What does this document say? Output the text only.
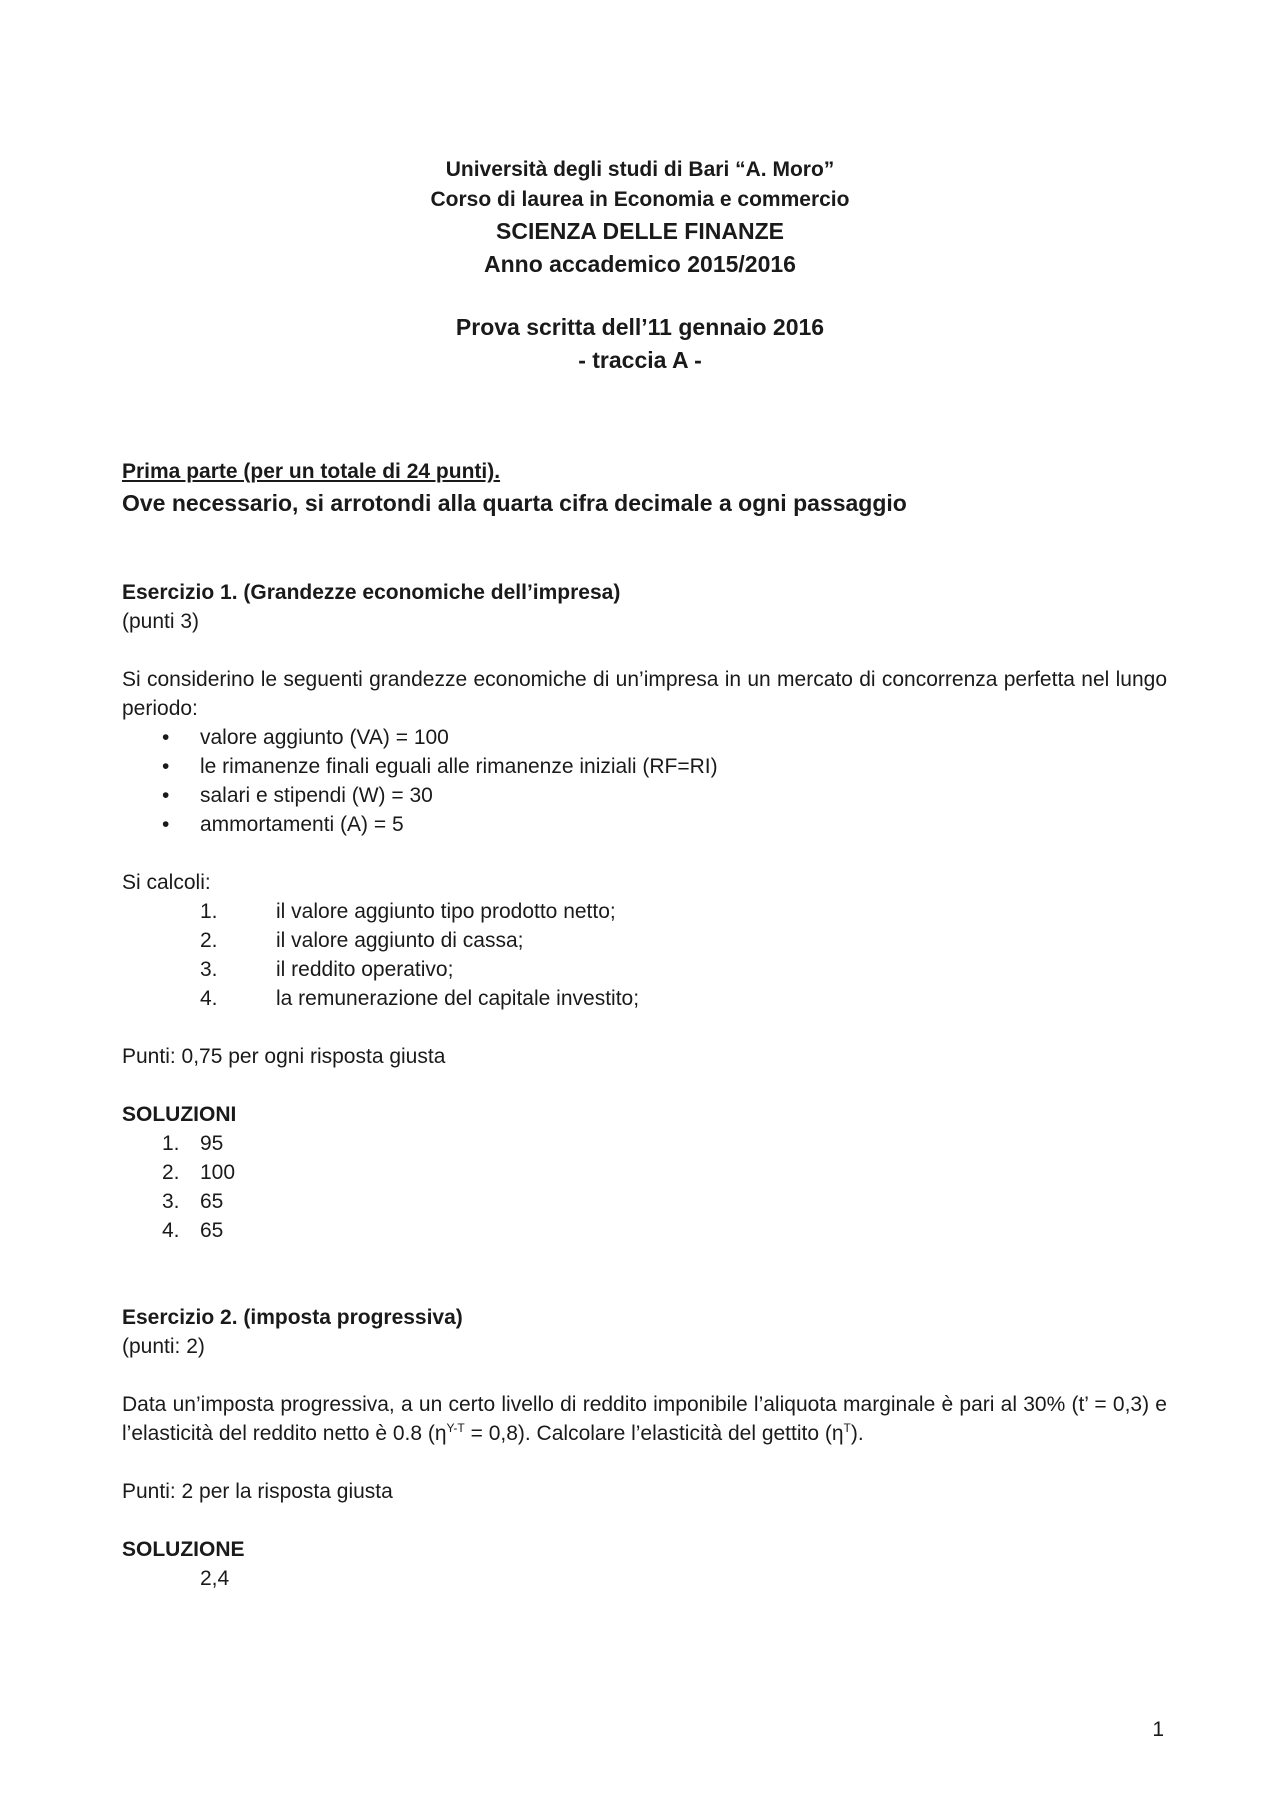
Università degli studi di Bari “A. Moro”
Corso di laurea in Economia e commercio
SCIENZA DELLE FINANZE
Anno accademico 2015/2016
Prova scritta dell’11 gennaio 2016
- traccia A -
Prima parte (per un totale di 24 punti).
Ove necessario, si arrotondi alla quarta cifra decimale a ogni passaggio
Esercizio 1. (Grandezze economiche dell’impresa)
(punti 3)
Si considerino le seguenti grandezze economiche di un’impresa in un mercato di concorrenza perfetta nel lungo periodo:
• valore aggiunto (VA) = 100
• le rimanenze finali eguali alle rimanenze iniziali (RF=RI)
• salari e stipendi (W) = 30
• ammortamenti (A) = 5
Si calcoli:
1.	il valore aggiunto tipo prodotto netto;
2.	il valore aggiunto di cassa;
3.	il reddito operativo;
4.	la remunerazione del capitale investito;
Punti: 0,75 per ogni risposta giusta
SOLUZIONI
1. 95
2. 100
3. 65
4. 65
Esercizio 2. (imposta progressiva)
(punti: 2)
Data un’imposta progressiva, a un certo livello di reddito imponibile l’aliquota marginale è pari al 30% (t’ = 0,3) e l’elasticità del reddito netto è 0.8 $(\eta^{Y-T} = 0,8)$. Calcolare l’elasticità del gettito $(\eta^T)$.
Punti: 2 per la risposta giusta
SOLUZIONE
2,4
1
